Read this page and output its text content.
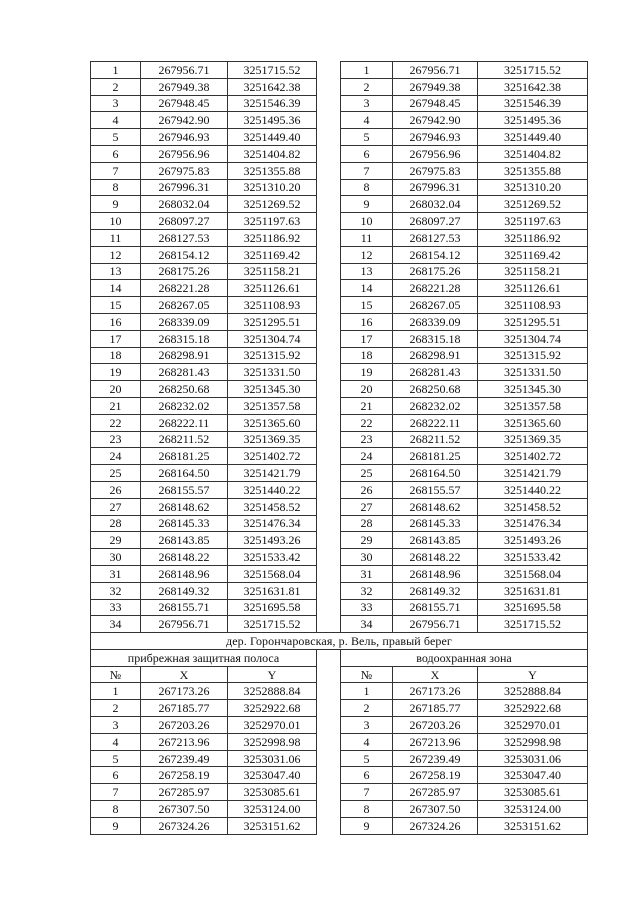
1	267956.71	3251715.52		1	267956.71	3251715.52
2	267949.38	3251642.38		2	267949.38	3251642.38
3	267948.45	3251546.39		3	267948.45	3251546.39
4	267942.90	3251495.36		4	267942.90	3251495.36
5	267946.93	3251449.40		5	267946.93	3251449.40
6	267956.96	3251404.82		6	267956.96	3251404.82
7	267975.83	3251355.88		7	267975.83	3251355.88
8	267996.31	3251310.20		8	267996.31	3251310.20
9	268032.04	3251269.52		9	268032.04	3251269.52
10	268097.27	3251197.63		10	268097.27	3251197.63
11	268127.53	3251186.92		11	268127.53	3251186.92
12	268154.12	3251169.42		12	268154.12	3251169.42
13	268175.26	3251158.21		13	268175.26	3251158.21
14	268221.28	3251126.61		14	268221.28	3251126.61
15	268267.05	3251108.93		15	268267.05	3251108.93
16	268339.09	3251295.51		16	268339.09	3251295.51
17	268315.18	3251304.74		17	268315.18	3251304.74
18	268298.91	3251315.92		18	268298.91	3251315.92
19	268281.43	3251331.50		19	268281.43	3251331.50
20	268250.68	3251345.30		20	268250.68	3251345.30
21	268232.02	3251357.58		21	268232.02	3251357.58
22	268222.11	3251365.60		22	268222.11	3251365.60
23	268211.52	3251369.35		23	268211.52	3251369.35
24	268181.25	3251402.72		24	268181.25	3251402.72
25	268164.50	3251421.79		25	268164.50	3251421.79
26	268155.57	3251440.22		26	268155.57	3251440.22
27	268148.62	3251458.52		27	268148.62	3251458.52
28	268145.33	3251476.34		28	268145.33	3251476.34
29	268143.85	3251493.26		29	268143.85	3251493.26
30	268148.22	3251533.42		30	268148.22	3251533.42
31	268148.96	3251568.04		31	268148.96	3251568.04
32	268149.32	3251631.81		32	268149.32	3251631.81
33	268155.71	3251695.58		33	268155.71	3251695.58
34	267956.71	3251715.52		34	267956.71	3251715.52
дер. Горончаровская, р. Вель, правый берег						
прибрежная защитная полоса				водоохранная зона		
№	X	Y		№	X	Y
1	267173.26	3252888.84		1	267173.26	3252888.84
2	267185.77	3252922.68		2	267185.77	3252922.68
3	267203.26	3252970.01		3	267203.26	3252970.01
4	267213.96	3252998.98		4	267213.96	3252998.98
5	267239.49	3253031.06		5	267239.49	3253031.06
6	267258.19	3253047.40		6	267258.19	3253047.40
7	267285.97	3253085.61		7	267285.97	3253085.61
8	267307.50	3253124.00		8	267307.50	3253124.00
9	267324.26	3253151.62		9	267324.26	3253151.62
